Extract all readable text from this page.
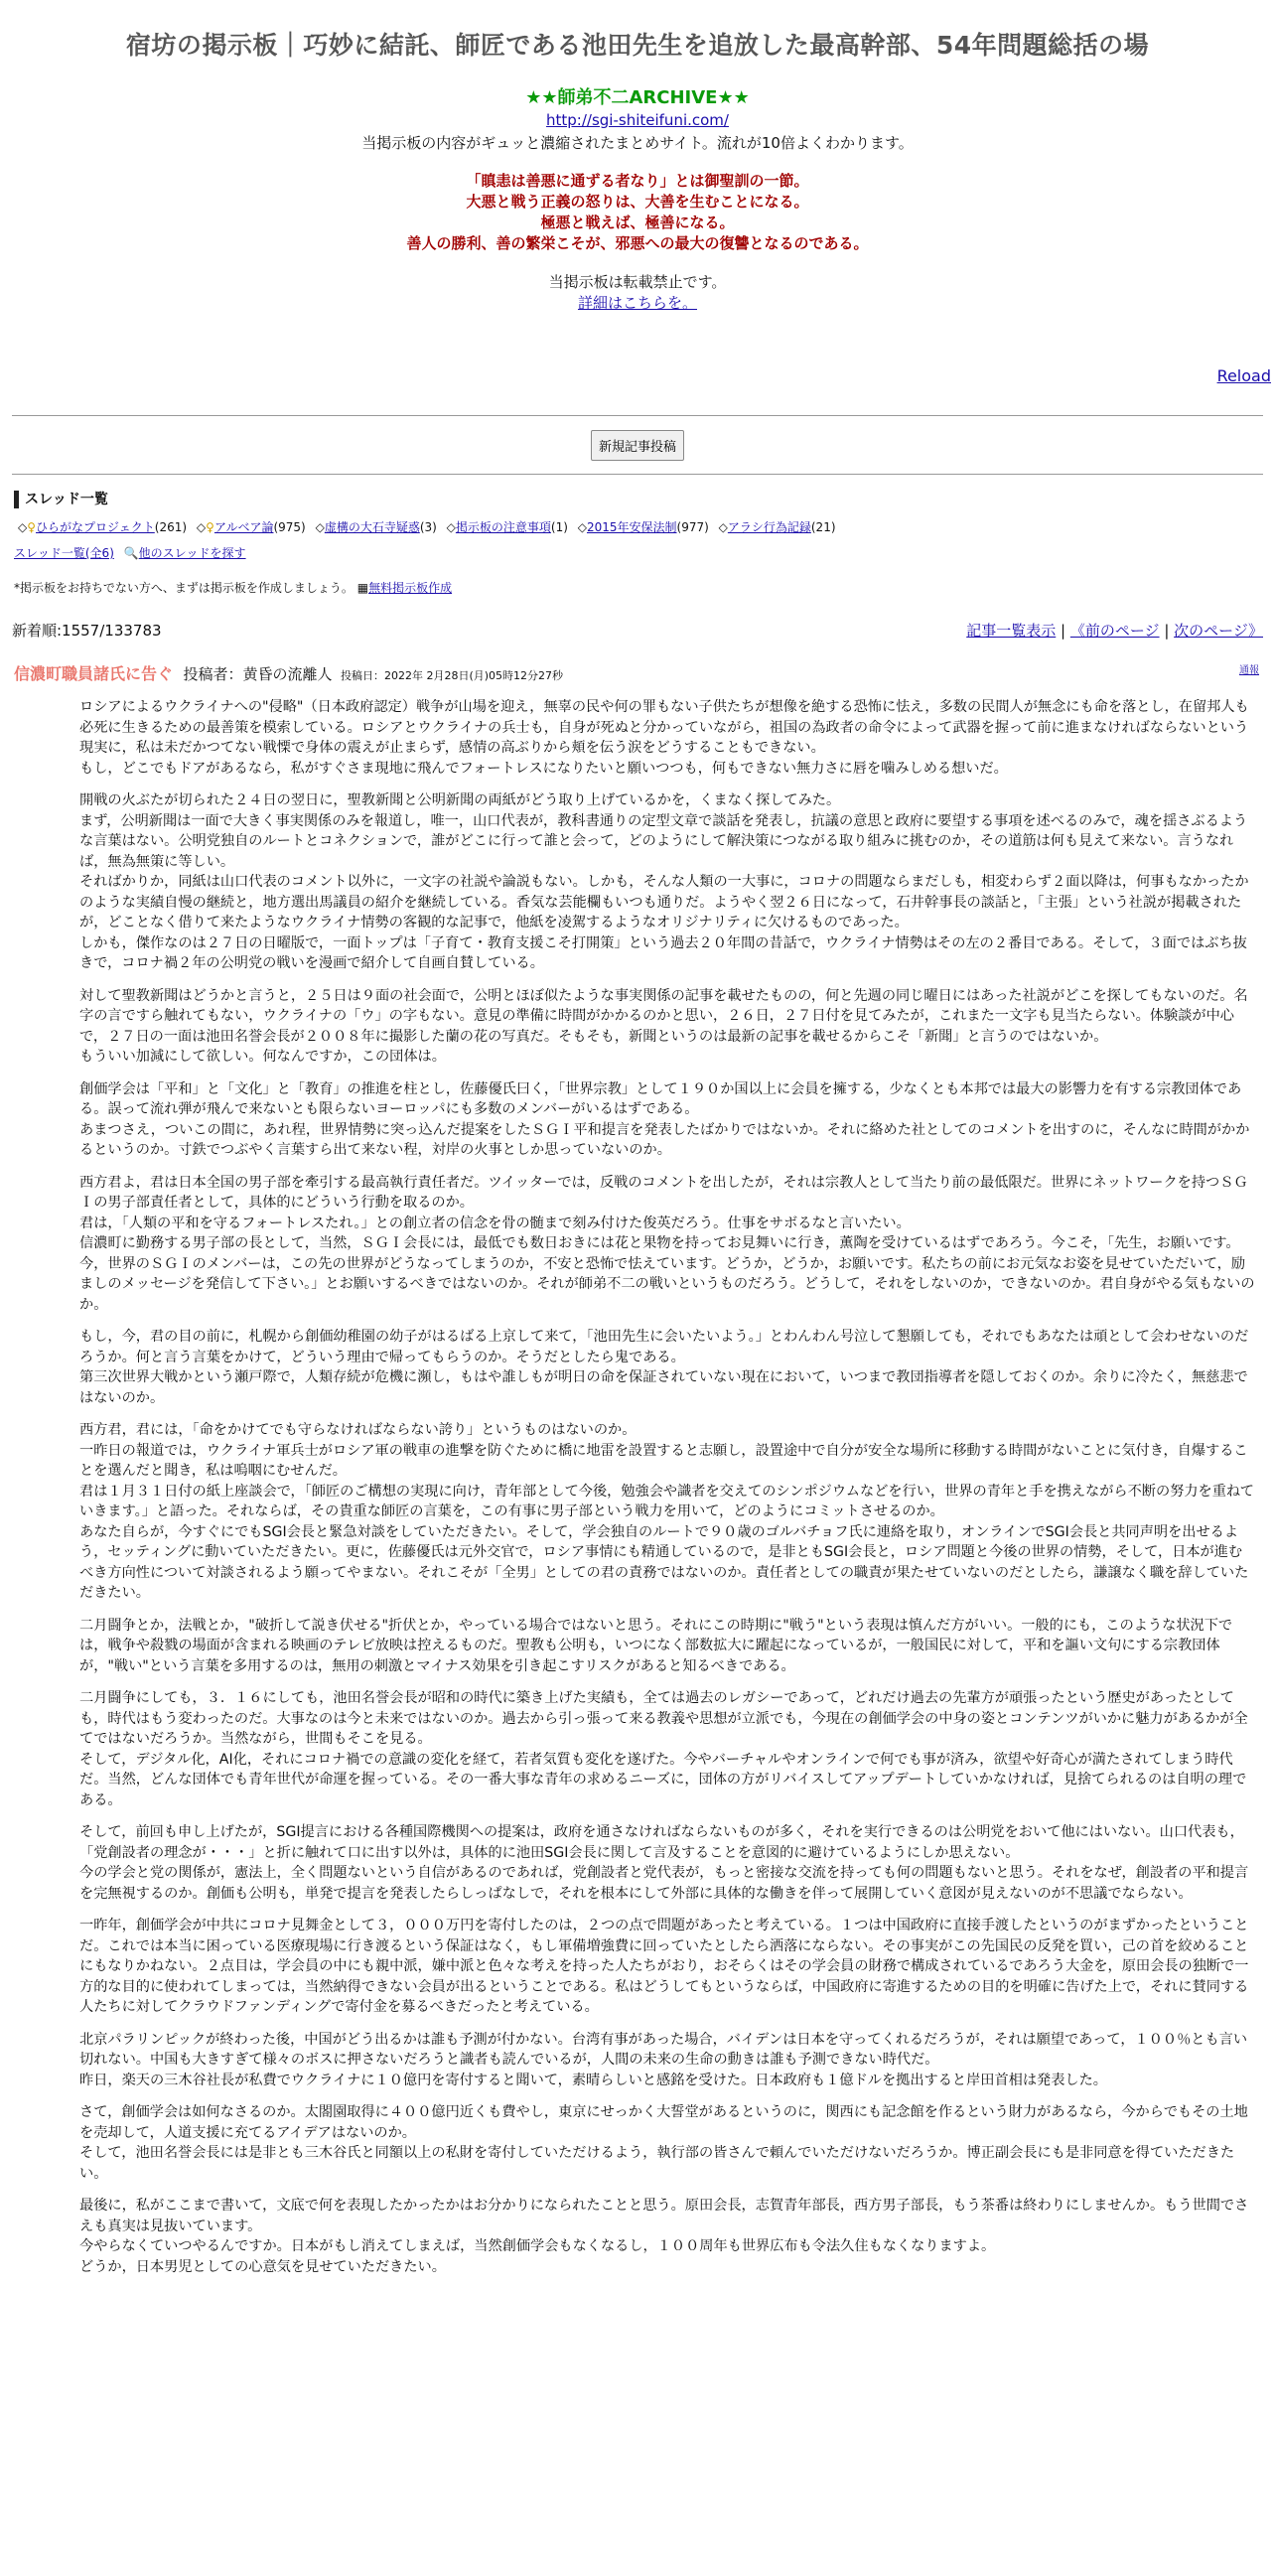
宿坊の掲示板｜巧妙に結託、師匠である池田先生を追放した最高幹部、54年問題総括の場
★★師弟不二ARCHIVE★★
http://sgi-shiteifuni.com/
当掲示板の内容がギュッと濃縮されたまとめサイト。流れが10倍よくわかります。
「瞋恚は善悪に通ずる者なり」とは御聖訓の一節。
大悪と戦う正義の怒りは、大善を生むことになる。
極悪と戦えば、極善になる。
善人の勝利、善の繁栄こそが、邪悪への最大の復讐となるのである。
当掲示板は転載禁止です。
詳細はこちらを。
Reload
新規記事投稿
スレッド一覧
◇♀ひらがなプロジェクト(261) ◇♀アルベア論(975) ◇虚構の大石寺疑惑(3) ◇掲示板の注意事項(1) ◇2015年安保法制(977) ◇アラシ行為記録(21)
スレッド一覧(全6) 🔍他のスレッドを探す
*掲示板をお持ちでない方へ、まずは掲示板を作成しましょう。 ▦無料掲示板作成
新着順:1557/133783	記事一覧表示 | 《前のページ | 次のページ》
信濃町職員諸氏に告ぐ 投稿者：黄昏の流離人 投稿日：2022年 2月28日(月)05時12分27秒	通報

ロシアによるウクライナへの"侵略"（日本政府認定）戦争が山場を迎え，無辜の民や何の罪もない子供たちが想像を絶する恐怖に怯え，多数の民間人が無念にも命を落とし，在留邦人も必死に生きるための最善策を模索している。ロシアとウクライナの兵士も，自身が死ぬと分かっていながら，祖国の為政者の命令によって武器を握って前に進まなければならないという現実に，私は未だかつてない戦慄で身体の震えが止まらず，感情の高ぶりから頬を伝う涙をどうすることもできない。
もし，どこでもドアがあるなら，私がすぐさま現地に飛んでフォートレスになりたいと願いつつも，何もできない無力さに唇を噛みしめる想いだ。

開戦の火ぶたが切られた２４日の翌日に，聖教新聞と公明新聞の両紙がどう取り上げているかを，くまなく探してみた。
まず，公明新聞は一面で大きく事実関係のみを報道し，唯一，山口代表が，教科書通りの定型文章で談話を発表し，抗議の意思と政府に要望する事項を述べるのみで，魂を揺さぶるような言葉はない。公明党独自のルートとコネクションで，誰がどこに行って誰と会って，どのようにして解決策につながる取り組みに挑むのか，その道筋は何も見えて来ない。言うなれば，無為無策に等しい。
そればかりか，同紙は山口代表のコメント以外に，一文字の社説や論説もない。しかも，そんな人類の一大事に，コロナの問題ならまだしも，相変わらず２面以降は，何事もなかったかのような実績自慢の継続と，地方選出馬議員の紹介を継続している。香気な芸能欄もいつも通りだ。ようやく翌２６日になって，石井幹事長の談話と，「主張」という社説が掲載されたが，どことなく借りて来たようなウクライナ情勢の客観的な記事で，他紙を凌駕するようなオリジナリティに欠けるものであった。
しかも，傑作なのは２７日の日曜版で，一面トップは「子育て・教育支援こそ打開策」という過去２０年間の昔話で，ウクライナ情勢はその左の２番目である。そして，３面ではぶち抜きで，コロナ禍２年の公明党の戦いを漫画で紹介して自画自賛している。

対して聖教新聞はどうかと言うと，２５日は９面の社会面で，公明とほぼ似たような事実関係の記事を載せたものの，何と先週の同じ曜日にはあった社説がどこを探してもないのだ。名字の言ですら触れてもない，ウクライナの「ウ」の字もない。意見の準備に時間がかかるのかと思い，２６日，２７日付を見てみたが，これまた一文字も見当たらない。体験談が中心で，２７日の一面は池田名誉会長が２００８年に撮影した蘭の花の写真だ。そもそも，新聞というのは最新の記事を載せるからこそ「新聞」と言うのではないか。
もういい加減にして欲しい。何なんですか，この団体は。

創価学会は「平和」と「文化」と「教育」の推進を柱とし，佐藤優氏曰く，「世界宗教」として１９０か国以上に会員を擁する，少なくとも本邦では最大の影響力を有する宗教団体である。誤って流れ弾が飛んで来ないとも限らないヨーロッパにも多数のメンバーがいるはずである。
あまつさえ，ついこの間に，あれ程，世界情勢に突っ込んだ提案をしたＳＧＩ平和提言を発表したばかりではないか。それに絡めた社としてのコメントを出すのに，そんなに時間がかかるというのか。寸鉄でつぶやく言葉すら出て来ない程，対岸の火事としか思っていないのか。

西方君よ，君は日本全国の男子部を牽引する最高執行責任者だ。ツイッターでは，反戦のコメントを出したが，それは宗教人として当たり前の最低限だ。世界にネットワークを持つＳＧＩの男子部責任者として，具体的にどういう行動を取るのか。
君は，「人類の平和を守るフォートレスたれ。」との創立者の信念を骨の髄まで刻み付けた俊英だろう。仕事をサボるなと言いたい。
信濃町に勤務する男子部の長として，当然，ＳＧＩ会長には，最低でも数日おきには花と果物を持ってお見舞いに行き，薫陶を受けているはずであろう。今こそ，「先生，お願いです。今，世界のＳＧＩのメンバーは，この先の世界がどうなってしまうのか，不安と恐怖で怯えています。どうか，どうか，お願いです。私たちの前にお元気なお姿を見せていただいて，励ましのメッセージを発信して下さい。」とお願いするべきではないのか。それが師弟不二の戦いというものだろう。どうして，それをしないのか，できないのか。君自身がやる気もないのか。

もし，今，君の目の前に，札幌から創価幼稚園の幼子がはるばる上京して来て，「池田先生に会いたいよう。」とわんわん号泣して懇願しても，それでもあなたは頑として会わせないのだろうか。何と言う言葉をかけて，どういう理由で帰ってもらうのか。そうだとしたら鬼である。
第三次世界大戦かという瀬戸際で，人類存続が危機に瀕し，もはや誰しもが明日の命を保証されていない現在において，いつまで教団指導者を隠しておくのか。余りに冷たく，無慈悲ではないのか。

西方君，君には，「命をかけてでも守らなければならない誇り」というものはないのか。
一昨日の報道では，ウクライナ軍兵士がロシア軍の戦車の進撃を防ぐために橋に地雷を設置すると志願し，設置途中で自分が安全な場所に移動する時間がないことに気付き，自爆することを選んだと聞き，私は嗚咽にむせんだ。
君は１月３１日付の紙上座談会で，「師匠のご構想の実現に向け，青年部として今後，勉強会や識者を交えてのシンポジウムなどを行い，世界の青年と手を携えながら不断の努力を重ねていきます。」と語った。それならば，その貴重な師匠の言葉を，この有事に男子部という戦力を用いて，どのようにコミットさせるのか。
あなた自らが，今すぐにでもSGI会長と緊急対談をしていただきたい。そして，学会独自のルートで９０歳のゴルバチョフ氏に連絡を取り，オンラインでSGI会長と共同声明を出せるよう，セッティングに動いていただきたい。更に，佐藤優氏は元外交官で，ロシア事情にも精通しているので，是非ともSGI会長と，ロシア問題と今後の世界の情勢，そして，日本が進むべき方向性について対談されるよう願ってやまない。それこそが「全男」としての君の責務ではないのか。責任者としての職責が果たせていないのだとしたら，謙譲なく職を辞していただきたい。

二月闘争とか，法戦とか，"破折して説き伏せる"折伏とか，やっている場合ではないと思う。それにこの時期に"戦う"という表現は慎んだ方がいい。一般的にも，このような状況下では，戦争や殺戮の場面が含まれる映画のテレビ放映は控えるものだ。聖教も公明も，いつになく部数拡大に躍起になっているが，一般国民に対して，平和を謳い文句にする宗教団体が，"戦い"という言葉を多用するのは，無用の刺激とマイナス効果を引き起こすリスクがあると知るべきである。

二月闘争にしても，３．１６にしても，池田名誉会長が昭和の時代に築き上げた実績も，全ては過去のレガシーであって，どれだけ過去の先輩方が頑張ったという歴史があったとしても，時代はもう変わったのだ。大事なのは今と未来ではないのか。過去から引っ張って来る教義や思想が立派でも，今現在の創価学会の中身の姿とコンテンツがいかに魅力があるかが全てではないだろうか。当然ながら，世間もそこを見る。
そして，デジタル化，AI化，それにコロナ禍での意識の変化を経て，若者気質も変化を遂げた。今やバーチャルやオンラインで何でも事が済み，欲望や好奇心が満たされてしまう時代だ。当然，どんな団体でも青年世代が命運を握っている。その一番大事な青年の求めるニーズに，団体の方がリバイスしてアップデートしていかなければ，見捨てられるのは自明の理である。

そして，前回も申し上げたが，SGI提言における各種国際機関への提案は，政府を通さなければならないものが多く，それを実行できるのは公明党をおいて他にはいない。山口代表も，「党創設者の理念が・・・」と折に触れて口に出す以外は，具体的に池田SGI会長に関して言及することを意図的に避けているようにしか思えない。
今の学会と党の関係が，憲法上，全く問題ないという自信があるのであれば，党創設者と党代表が，もっと密接な交流を持っても何の問題もないと思う。それをなぜ，創設者の平和提言を完無視するのか。創価も公明も，単発で提言を発表したらしっぱなしで，それを根本にして外部に具体的な働きを伴って展開していく意図が見えないのが不思議でならない。

一昨年，創価学会が中共にコロナ見舞金として３，０００万円を寄付したのは，２つの点で問題があったと考えている。１つは中国政府に直接手渡したというのがまずかったということだ。これでは本当に困っている医療現場に行き渡るという保証はなく，もし軍備増強費に回っていたとしたら洒落にならない。その事実がこの先国民の反発を買い，己の首を絞めることにもなりかねない。２点目は，学会員の中にも親中派，嫌中派と色々な考えを持った人たちがおり，おそらくはその学会員の財務で構成されているであろう大金を，原田会長の独断で一方的な目的に使われてしまっては，当然納得できない会員が出るということである。私はどうしてもというならば，中国政府に寄進するための目的を明確に告げた上で，それに賛同する人たちに対してクラウドファンディングで寄付金を募るべきだったと考えている。

北京パラリンピックが終わった後，中国がどう出るかは誰も予測が付かない。台湾有事があった場合，バイデンは日本を守ってくれるだろうが，それは願望であって，１００％とも言い切れない。中国も大きすぎて様々のボスに押さないだろうと識者も読んでいるが，人間の未来の生命の動きは誰も予測できない時代だ。
昨日，楽天の三木谷社長が私費でウクライナに１０億円を寄付すると聞いて，素晴らしいと感銘を受けた。日本政府も１億ドルを拠出すると岸田首相は発表した。

さて，創価学会は如何なさるのか。太閤園取得に４００億円近くも費やし，東京にせっかく大誓堂があるというのに，関西にも記念館を作るという財力があるなら，今からでもその土地を売却して，人道支援に充てるアイデアはないのか。
そして，池田名誉会長には是非とも三木谷氏と同額以上の私財を寄付していただけるよう，執行部の皆さんで頼んでいただけないだろうか。博正副会長にも是非同意を得ていただきたい。

最後に，私がここまで書いて，文底で何を表現したかったかはお分かりになられたことと思う。原田会長，志賀青年部長，西方男子部長，もう茶番は終わりにしませんか。もう世間でさえも真実は見抜いています。
今やらなくていつやるんですか。日本がもし消えてしまえば，当然創価学会もなくなるし，１００周年も世界広布も令法久住もなくなりますよ。
どうか，日本男児としての心意気を見せていただきたい。
